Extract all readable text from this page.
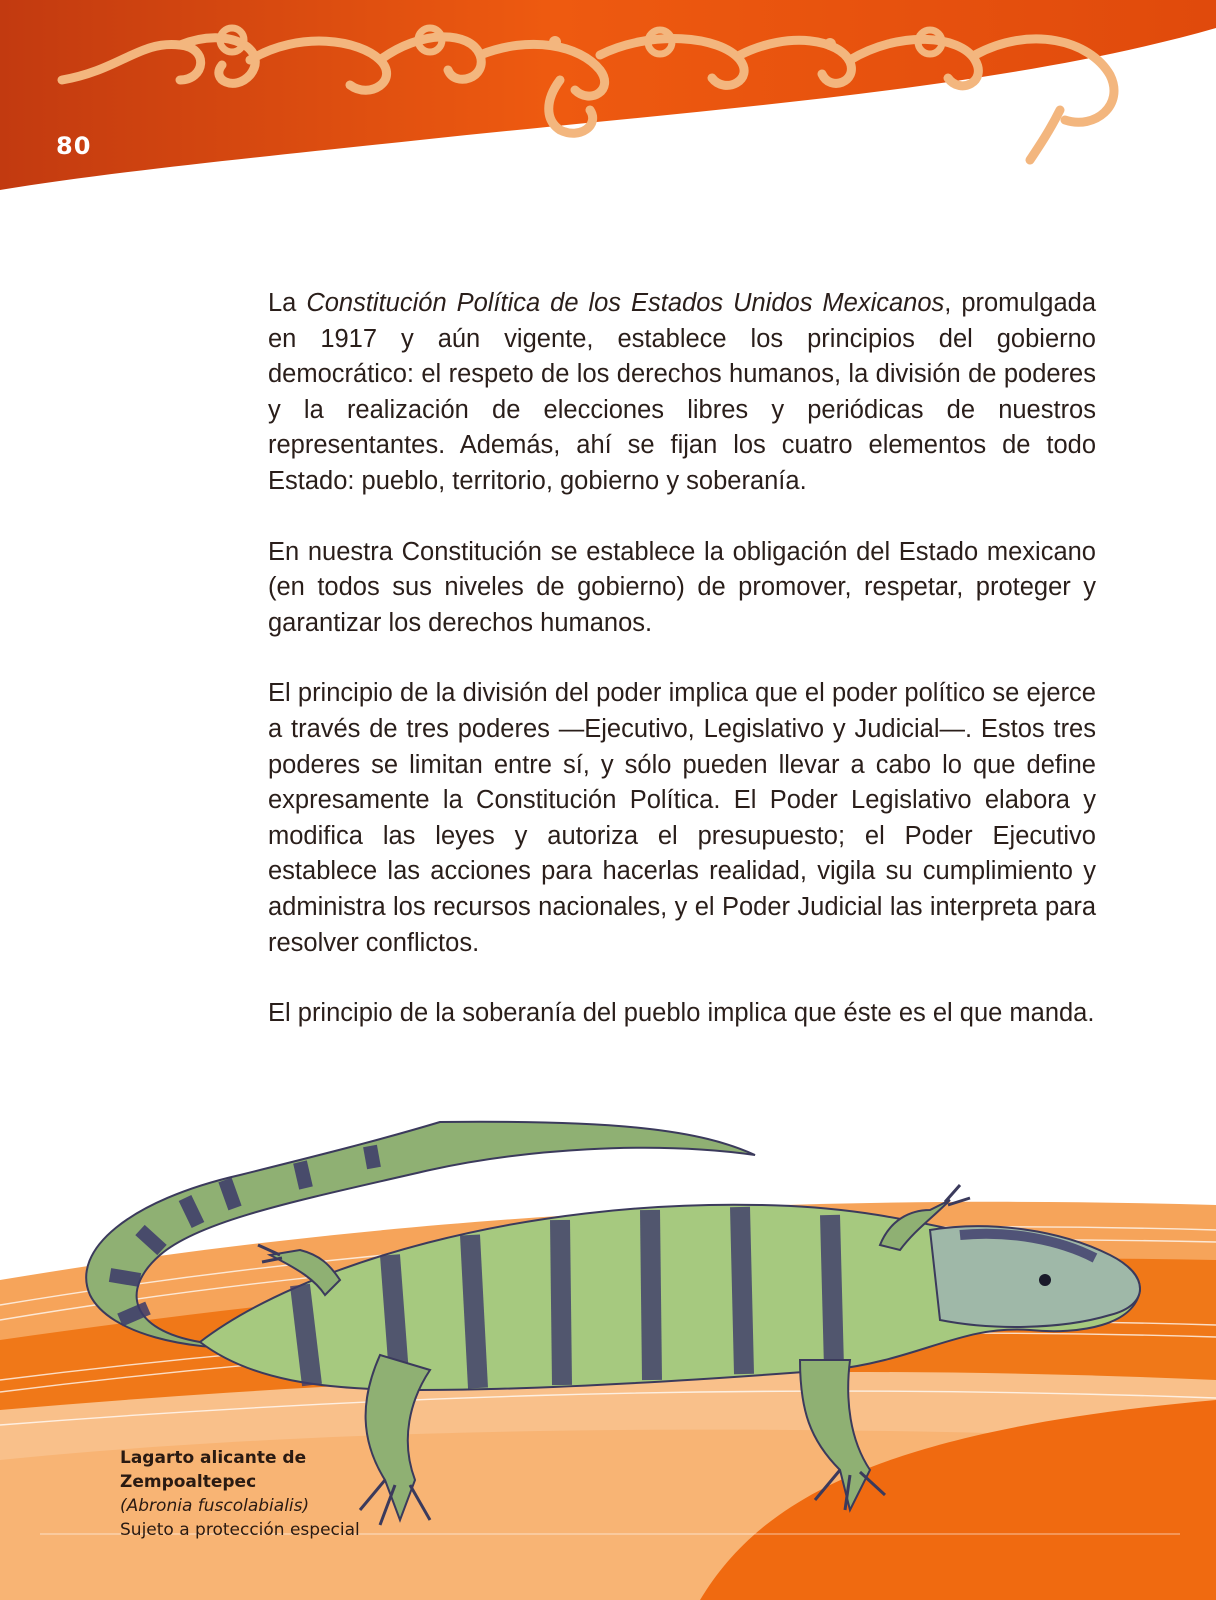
80

La Constitución Política de los Estados Unidos Mexicanos, promulgada en 1917 y aún vigente, establece los principios del gobierno democrático: el respeto de los derechos humanos, la división de poderes y la realización de elecciones libres y periódicas de nuestros representantes. Además, ahí se fijan los cuatro elementos de todo Estado: pueblo, territorio, gobierno y soberanía.

En nuestra Constitución se establece la obligación del Estado mexicano (en todos sus niveles de gobierno) de promover, respetar, proteger y garantizar los derechos humanos.

El principio de la división del poder implica que el poder político se ejerce a través de tres poderes —Ejecutivo, Legislativo y Judicial—. Estos tres poderes se limitan entre sí, y sólo pueden llevar a cabo lo que define expresamente la Constitución Política. El Poder Legislativo elabora y modifica las leyes y autoriza el presupuesto; el Poder Ejecutivo establece las acciones para hacerlas realidad, vigila su cumplimiento y administra los recursos nacionales, y el Poder Judicial las interpreta para resolver conflictos.

El principio de la soberanía del pueblo implica que éste es el que manda.

Lagarto alicante de Zempoaltepec
(Abronia fuscolabialis)
Sujeto a protección especial
